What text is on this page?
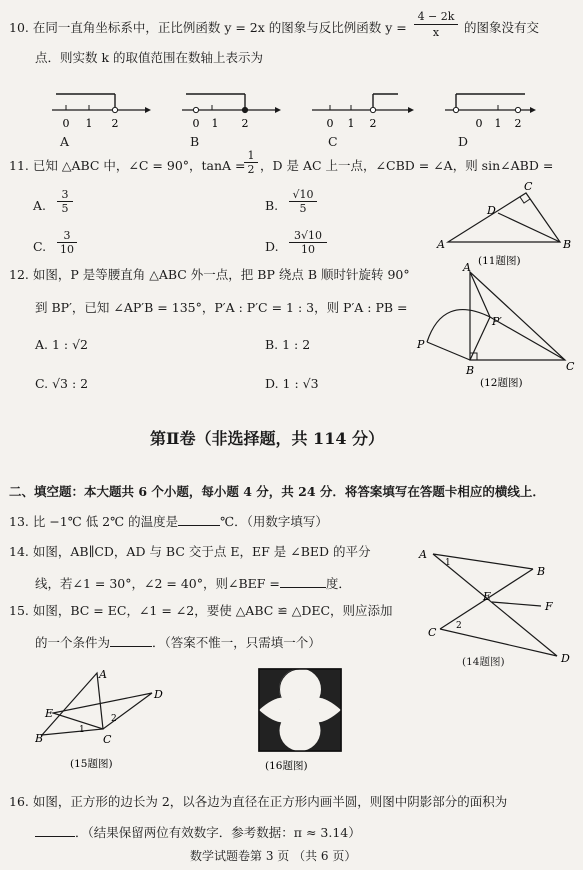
10. 在同一直角坐标系中，正比例函数 y = 2x 的图象与反比例函数 y =
4 − 2k
x	的图象没有交
点．则实数 k 的取值范围在数轴上表示为
0 1 2	0 1 2	0 1 2	0 1 2
A	B	C	D
11. 已知 △ABC 中，∠C = 90°，tanA =
1
2 ，D 是 AC 上一点，∠CBD = ∠A，则 sin∠ABD =
A.
3
5	B.
√10
5
C.
3
10	D.
3√10
10	A	B
C
D
(11题图)
12. 如图，P 是等腰直角 △ABC 外一点，把 BP 绕点 B 顺时针旋转 90°
到 BP′，已知 ∠AP′B = 135°，P′A : P′C = 1 : 3，则 P′A : PB =
A. 1 : √2	B. 1 : 2
C. √3 : 2	D. 1 : √3
A
B	C
P
P′
(12题图)
第Ⅱ卷（非选择题，共 114 分）
二、填空题：本大题共 6 个小题，每小题 4 分，共 24 分．将答案填写在答题卡相应的横线上．
13. 比 −1℃ 低 2℃ 的温度是	℃．（用数字填写）
14. 如图，AB∥CD，AD 与 BC 交于点 E，EF 是 ∠BED 的平分
线，若∠1 = 30°，∠2 = 40°，则∠BEF =	度．
A
B
C
D
E
F
1
2
(14题图)
15. 如图，BC = EC，∠1 = ∠2，要使 △ABC ≌ △DEC，则应添加
的一个条件为	．（答案不惟一，只需填一个）
A
B	C
D
E
1
2
(15题图)	(16题图)
16. 如图，正方形的边长为 2，以各边为直径在正方形内画半圆，则图中阴影部分的面积为
．（结果保留两位有效数字．参考数据：π ≈ 3.14）
数学试题卷第 3 页 （共 6 页）
